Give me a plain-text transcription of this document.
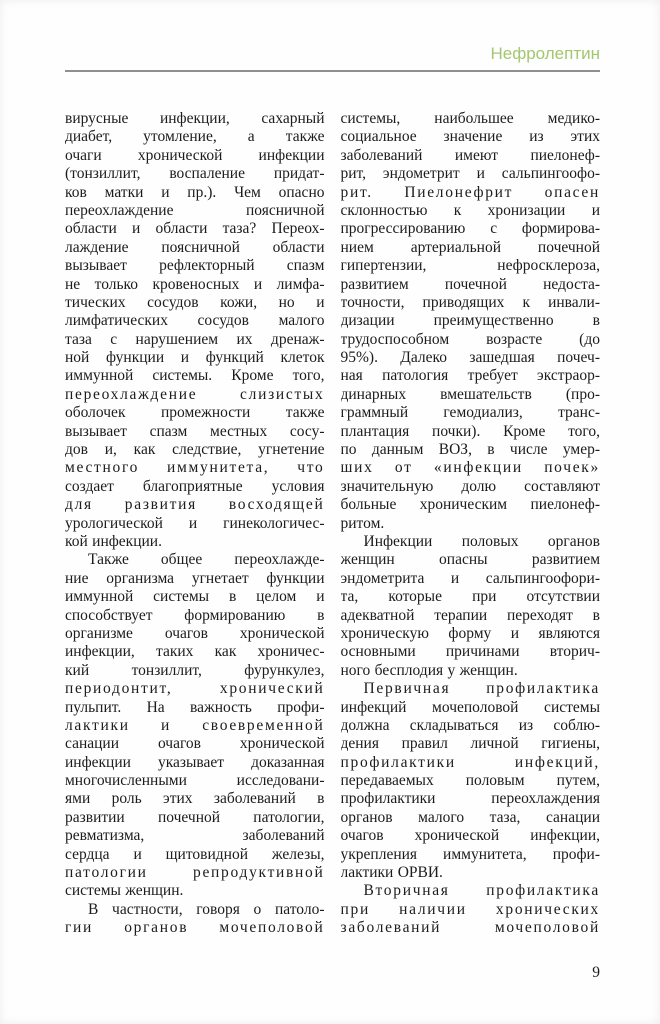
Нефролептин
вирусные инфекции, сахарный
диабет, утомление, а также
очаги хронической инфекции
(тонзиллит, воспаление придат-
ков матки и пр.). Чем опасно
переохлаждение поясничной
области и области таза? Переох-
лаждение поясничной области
вызывает рефлекторный спазм
не только кровеносных и лимфа-
тических сосудов кожи, но и
лимфатических сосудов малого
таза с нарушением их дренаж-
ной функции и функций клеток
иммунной системы. Кроме того,
переохлаждение слизистых
оболочек промежности также
вызывает спазм местных сосу-
дов и, как следствие, угнетение
местного иммунитета, что
создает благоприятные условия
для развития восходящей
урологической и гинекологичес-
кой инфекции.
Также общее переохлажде-
ние организма угнетает функции
иммунной системы в целом и
способствует формированию в
организме очагов хронической
инфекции, таких как хроничес-
кий тонзиллит, фурункулез,
периодонтит, хронический
пульпит. На важность профи-
лактики и своевременной
санации очагов хронической
инфекции указывает доказанная
многочисленными исследовани-
ями роль этих заболеваний в
развитии почечной патологии,
ревматизма, заболеваний
сердца и щитовидной железы,
патологии репродуктивной
системы женщин.
В частности, говоря о патоло-
гии органов мочеполовой
системы, наибольшее медико-
социальное значение из этих
заболеваний имеют пиелонеф-
рит, эндометрит и сальпингоофо-
рит. Пиелонефрит опасен
склонностью к хронизации и
прогрессированию с формирова-
нием артериальной почечной
гипертензии, нефросклероза,
развитием почечной недоста-
точности, приводящих к инвали-
дизации преимущественно в
трудоспособном возрасте (до
95%). Далеко зашедшая почеч-
ная патология требует экстраор-
динарных вмешательств (про-
граммный гемодиализ, транс-
плантация почки). Кроме того,
по данным ВОЗ, в числе умер-
ших от «инфекции почек»
значительную долю составляют
больные хроническим пиелонеф-
ритом.
Инфекции половых органов
женщин опасны развитием
эндометрита и сальпингоофори-
та, которые при отсутствии
адекватной терапии переходят в
хроническую форму и являются
основными причинами вторич-
ного бесплодия у женщин.
Первичная профилактика
инфекций мочеполовой системы
должна складываться из соблю-
дения правил личной гигиены,
профилактики инфекций,
передаваемых половым путем,
профилактики переохлаждения
органов малого таза, санации
очагов хронической инфекции,
укрепления иммунитета, профи-
лактики ОРВИ.
Вторичная профилактика
при наличии хронических
заболеваний мочеполовой
9
